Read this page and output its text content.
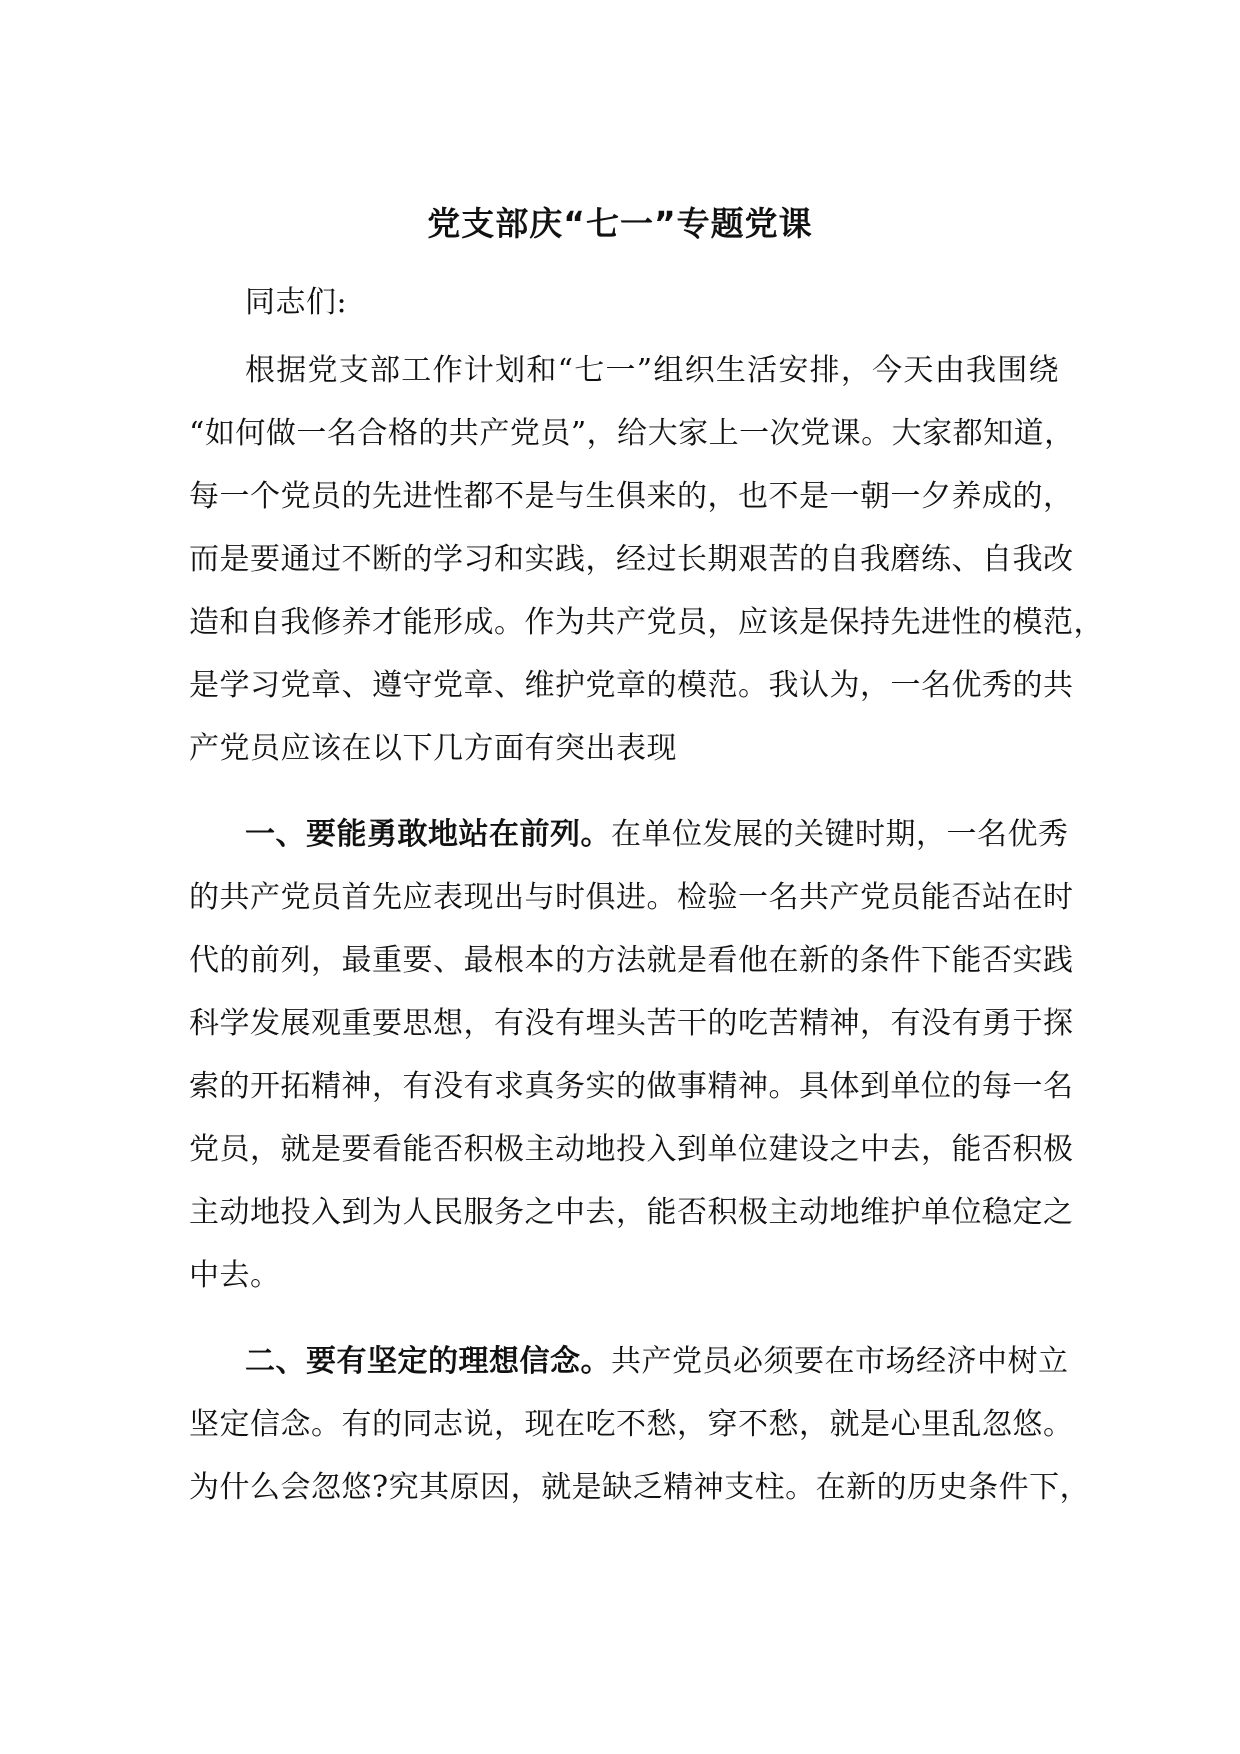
党支部庆“七一”专题党课

同志们:

根据党支部工作计划和“七一”组织生活安排，今天由我围绕

“如何做一名合格的共产党员”，给大家上一次党课。大家都知道，

每一个党员的先进性都不是与生俱来的，也不是一朝一夕养成的，

而是要通过不断的学习和实践，经过长期艰苦的自我磨练、自我改

造和自我修养才能形成。作为共产党员，应该是保持先进性的模范，

是学习党章、遵守党章、维护党章的模范。我认为，一名优秀的共

产党员应该在以下几方面有突出表现

一、要能勇敢地站在前列。在单位发展的关键时期，一名优秀

的共产党员首先应表现出与时俱进。检验一名共产党员能否站在时

代的前列，最重要、最根本的方法就是看他在新的条件下能否实践

科学发展观重要思想，有没有埋头苦干的吃苦精神，有没有勇于探

索的开拓精神，有没有求真务实的做事精神。具体到单位的每一名

党员，就是要看能否积极主动地投入到单位建设之中去，能否积极

主动地投入到为人民服务之中去，能否积极主动地维护单位稳定之

中去。

二、要有坚定的理想信念。共产党员必须要在市场经济中树立

坚定信念。有的同志说，现在吃不愁，穿不愁，就是心里乱忽悠。

为什么会忽悠?究其原因，就是缺乏精神支柱。在新的历史条件下，
